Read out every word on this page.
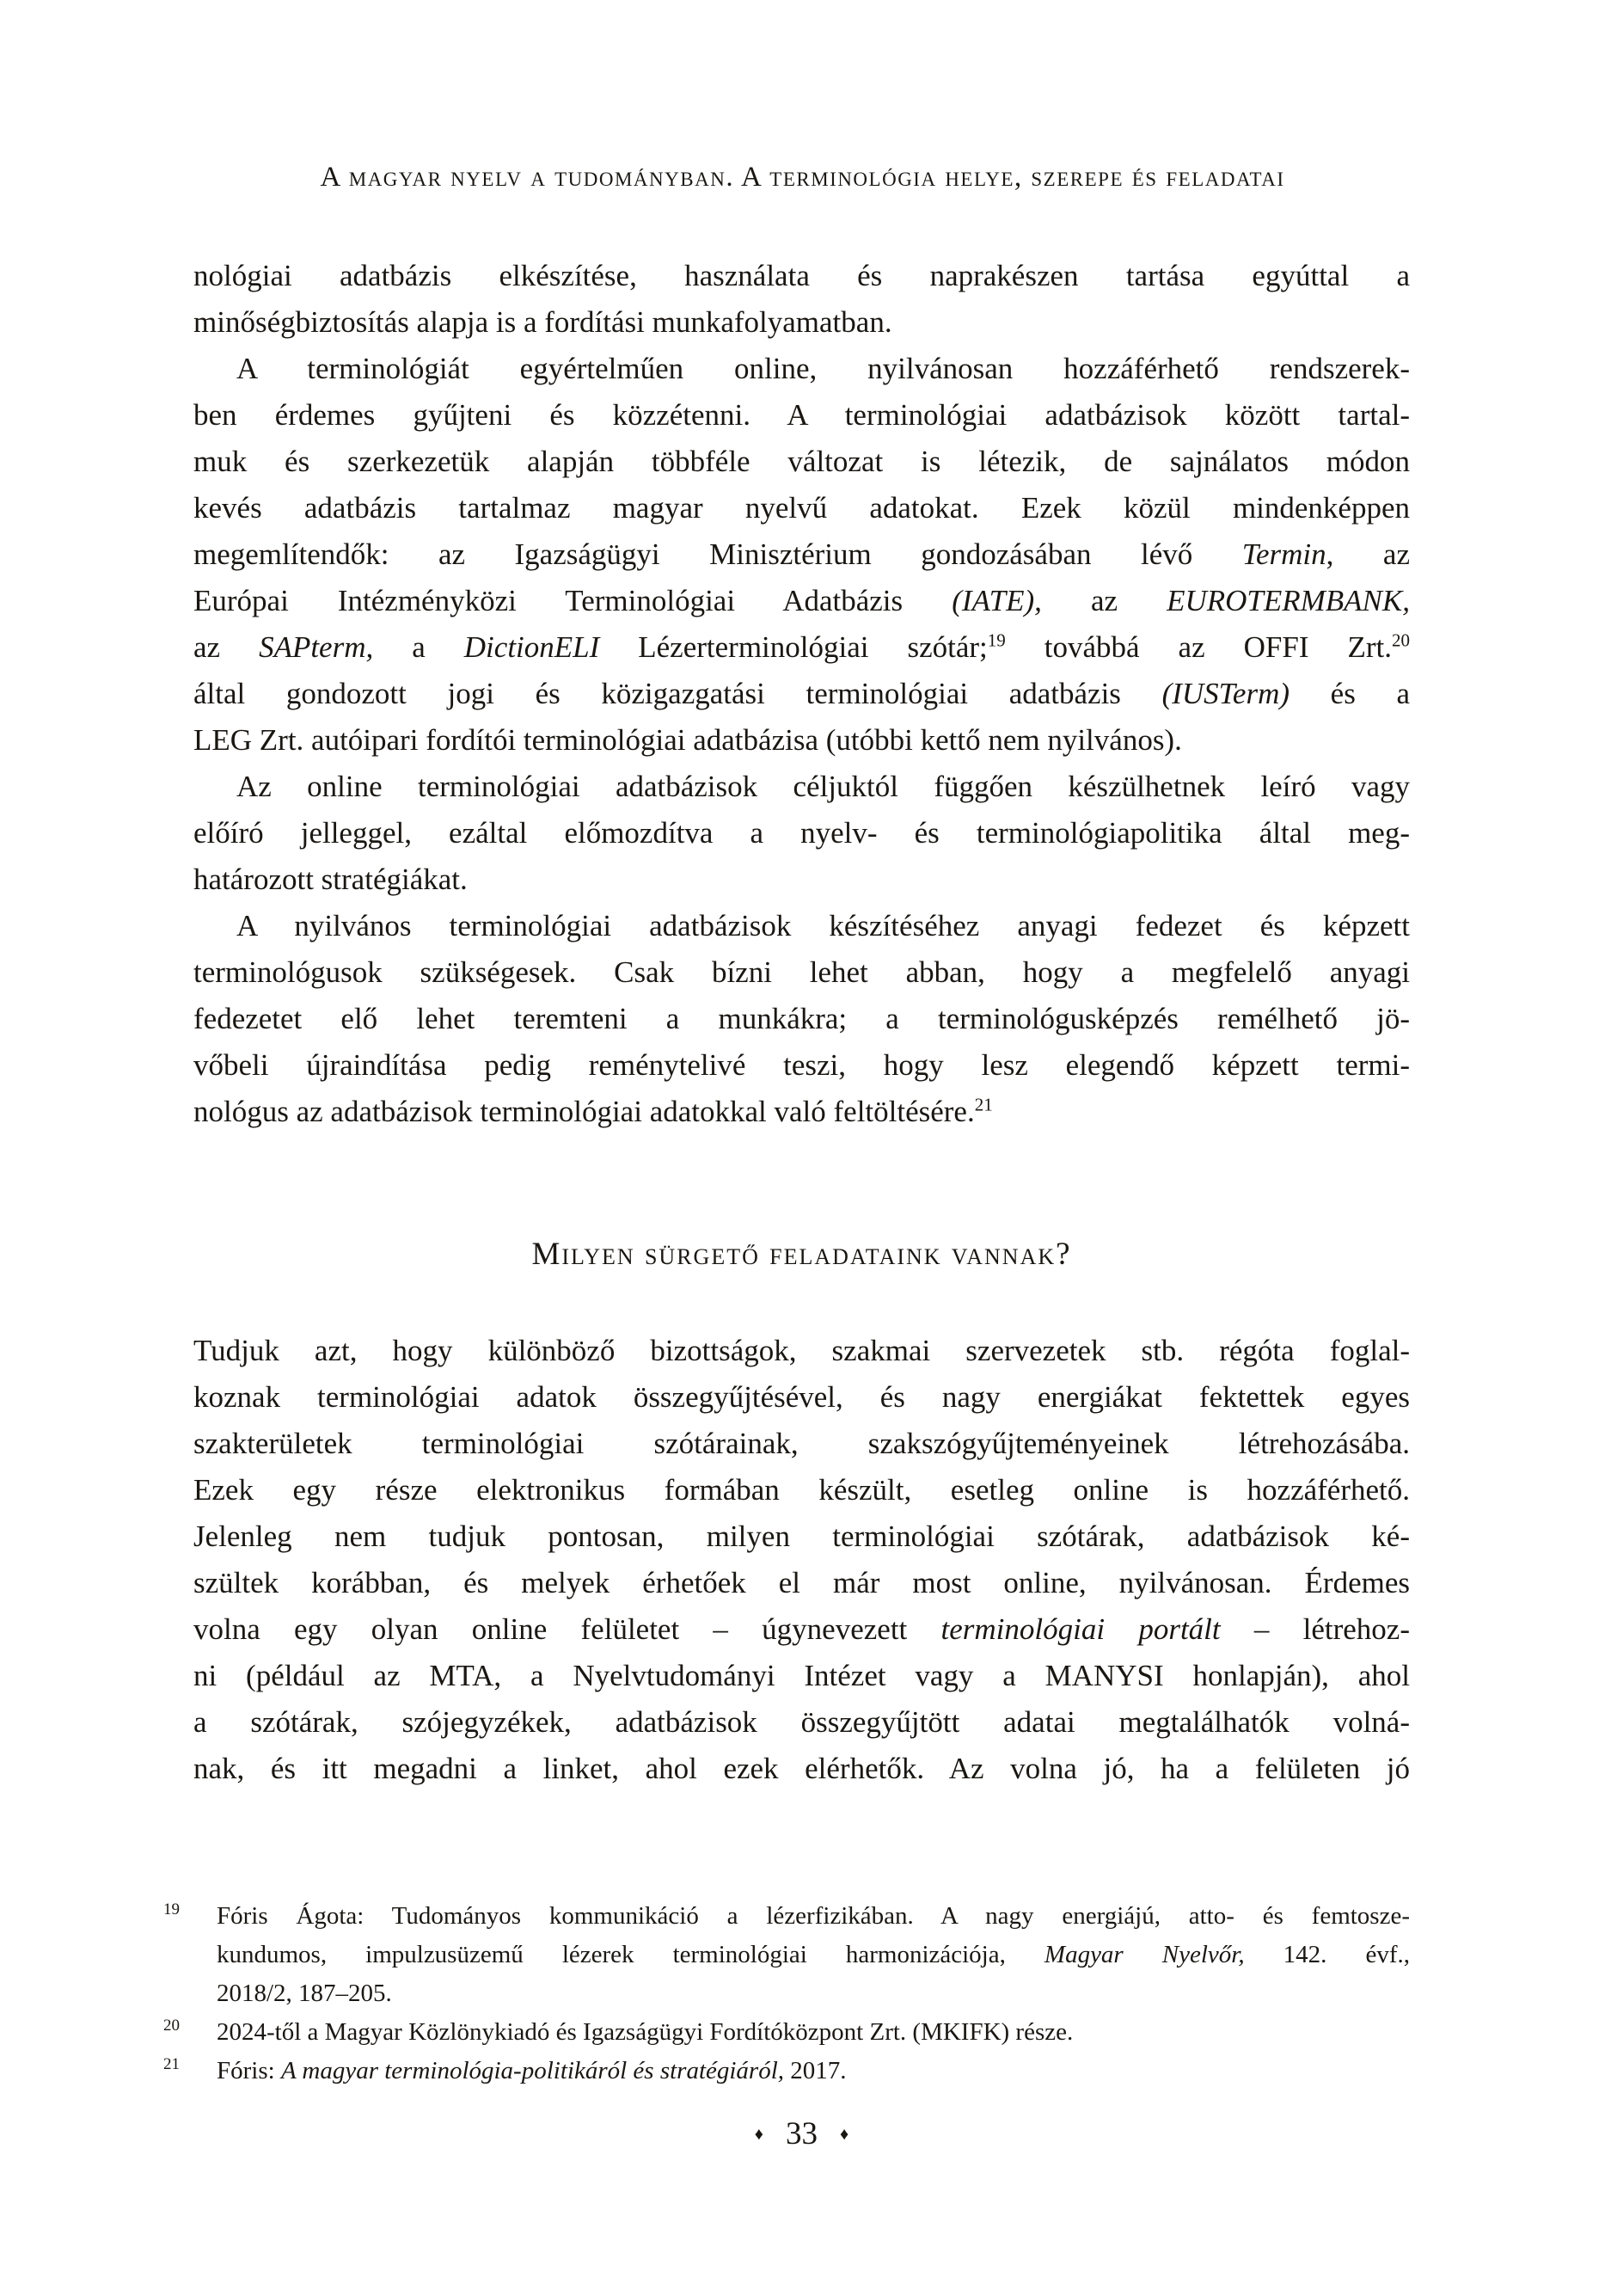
A magyar nyelv a tudományban. A terminológia helye, szerepe és feladatai
nológiai adatbázis elkészítése, használata és naprakészen tartása egyúttal a
minőségbiztosítás alapja is a fordítási munkafolyamatban.
A terminológiát egyértelműen online, nyilvánosan hozzáférhető rendszerek-
ben érdemes gyűjteni és közzétenni. A terminológiai adatbázisok között tartal-
muk és szerkezetük alapján többféle változat is létezik, de sajnálatos módon
kevés adatbázis tartalmaz magyar nyelvű adatokat. Ezek közül mindenképpen
megemlítendők: az Igazságügyi Minisztérium gondozásában lévő Termin, az
Európai Intézményközi Terminológiai Adatbázis (IATE), az EUROTERMBANK,
az SAPterm, a DictionELI Lézerterminológiai szótár;$^{19}$ továbbá az OFFI Zrt.$^{20}$
által gondozott jogi és közigazgatási terminológiai adatbázis (IUSTerm) és a
LEG Zrt. autóipari fordítói terminológiai adatbázisa (utóbbi kettő nem nyilvános).
Az online terminológiai adatbázisok céljuktól függően készülhetnek leíró vagy
előíró jelleggel, ezáltal előmozdítva a nyelv- és terminológiapolitika által meg-
határozott stratégiákat.
A nyilvános terminológiai adatbázisok készítéséhez anyagi fedezet és képzett
terminológusok szükségesek. Csak bízni lehet abban, hogy a megfelelő anyagi
fedezetet elő lehet teremteni a munkákra; a terminológusképzés remélhető jö-
vőbeli újraindítása pedig reménytelivé teszi, hogy lesz elegendő képzett termi-
nológus az adatbázisok terminológiai adatokkal való feltöltésére.$^{21}$
Milyen sürgető feladataink vannak?
Tudjuk azt, hogy különböző bizottságok, szakmai szervezetek stb. régóta foglal-
koznak terminológiai adatok összegyűjtésével, és nagy energiákat fektettek egyes
szakterületek terminológiai szótárainak, szakszógyűjteményeinek létrehozásába.
Ezek egy része elektronikus formában készült, esetleg online is hozzáférhető.
Jelenleg nem tudjuk pontosan, milyen terminológiai szótárak, adatbázisok ké-
szültek korábban, és melyek érhetőek el már most online, nyilvánosan. Érdemes
volna egy olyan online felületet – úgynevezett terminológiai portált – létrehoz-
ni (például az MTA, a Nyelvtudományi Intézet vagy a MANYSI honlapján), ahol
a szótárak, szójegyzékek, adatbázisok összegyűjtött adatai megtalálhatók volná-
nak, és itt megadni a linket, ahol ezek elérhetők. Az volna jó, ha a felületen jó
19 Fóris Ágota: Tudományos kommunikáció a lézerfizikában. A nagy energiájú, atto- és femtosze-
kundumos, impulzusüzemű lézerek terminológiai harmonizációja, Magyar Nyelvőr, 142. évf.,
2018/2, 187–205.
20 2024-től a Magyar Közlönykiadó és Igazságügyi Fordítóközpont Zrt. (MKIFK) része.
21 Fóris: A magyar terminológia-politikáról és stratégiáról, 2017.
♦ 33 ♦
